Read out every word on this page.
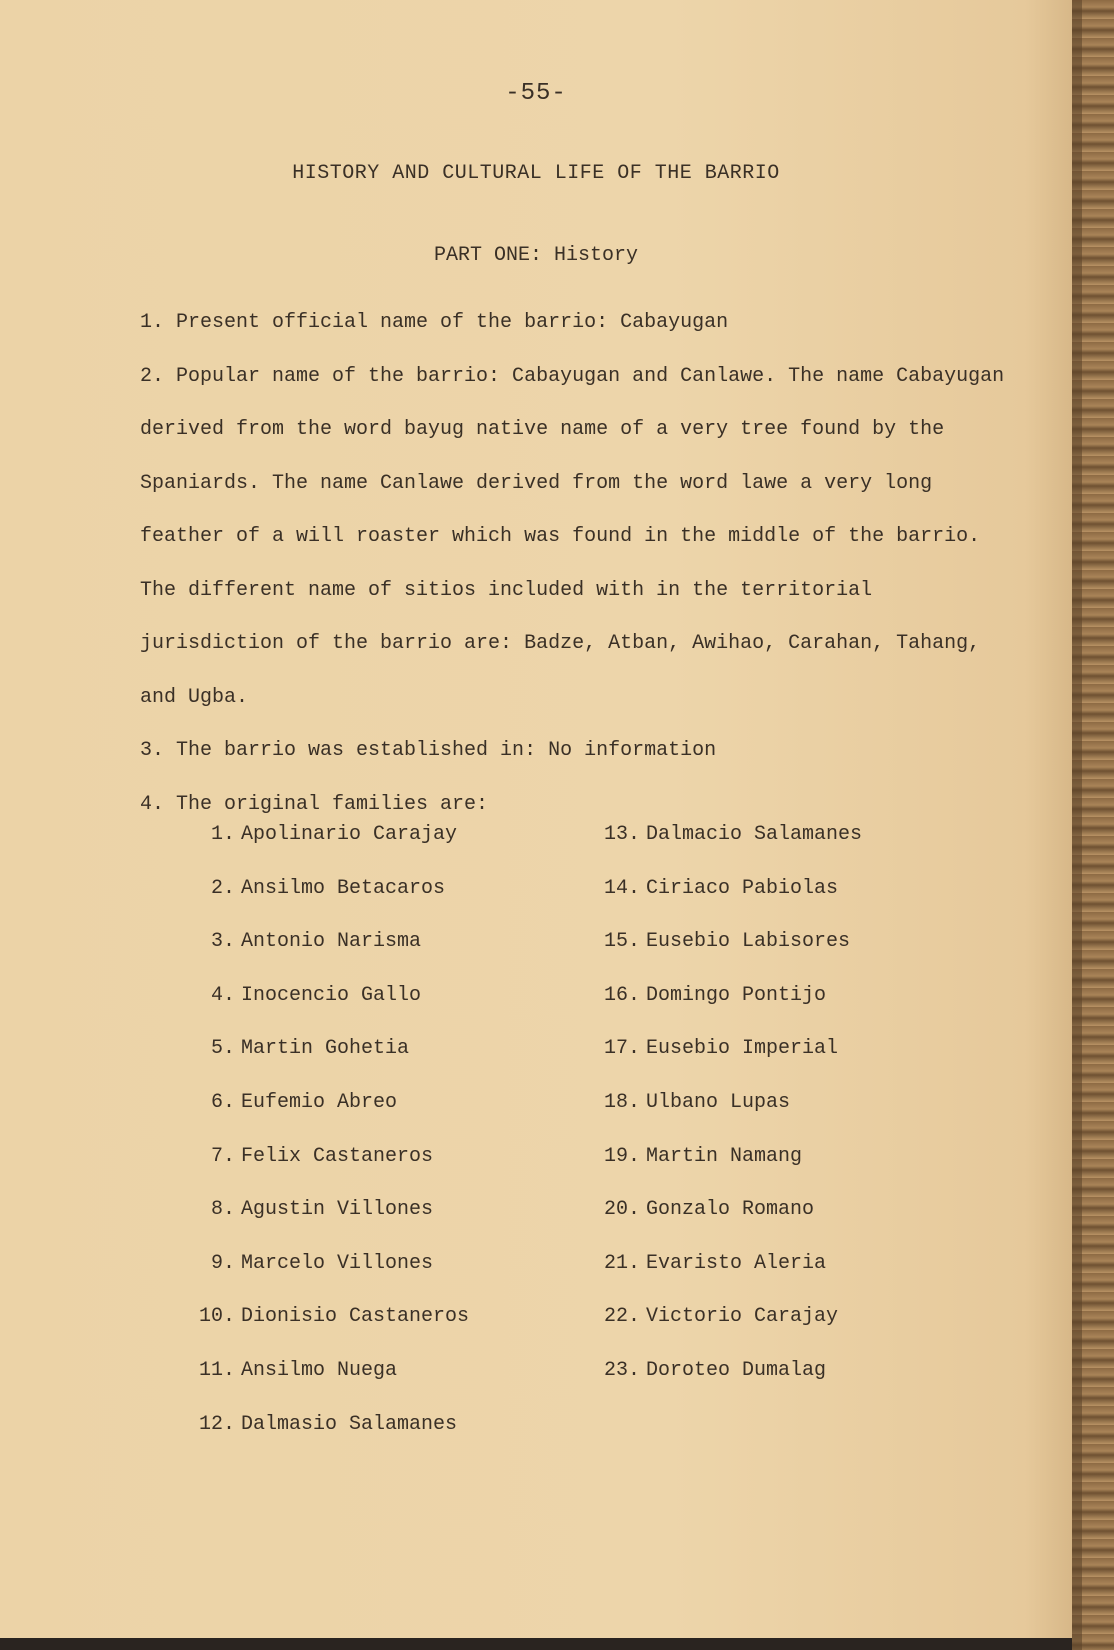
-55-
HISTORY AND CULTURAL LIFE OF THE BARRIO
PART ONE: History

1. Present official name of the barrio: Cabayugan

2. Popular name of the barrio: Cabayugan and Canlawe. The name Cabayugan derived from the word bayug native name of a very tree found by the Spaniards. The name Canlawe derived from the word lawe a very long feather of a will roaster which was found in the middle of the barrio. The different name of sitios included with in the territorial jurisdiction of the barrio are: Badze, Atban, Awihao, Carahan, Tahang, and Ugba.

3. The barrio was established in: No information

4. The original families are:

1. Apolinario Carajay
2. Ansilmo Betacaros
3. Antonio Narisma
4. Inocencio Gallo
5. Martin Gohetia
6. Eufemio Abreo
7. Felix Castaneros
8. Agustin Villones
9. Marcelo Villones
10. Dionisio Castaneros
11. Ansilmo Nuega
12. Dalmasio Salamanes
13. Dalmacio Salamanes
14. Ciriaco Pabiolas
15. Eusebio Labisores
16. Domingo Pontijo
17. Eusebio Imperial
18. Ulbano Lupas
19. Martin Namang
20. Gonzalo Romano
21. Evaristo Aleria
22. Victorio Carajay
23. Doroteo Dumalag
